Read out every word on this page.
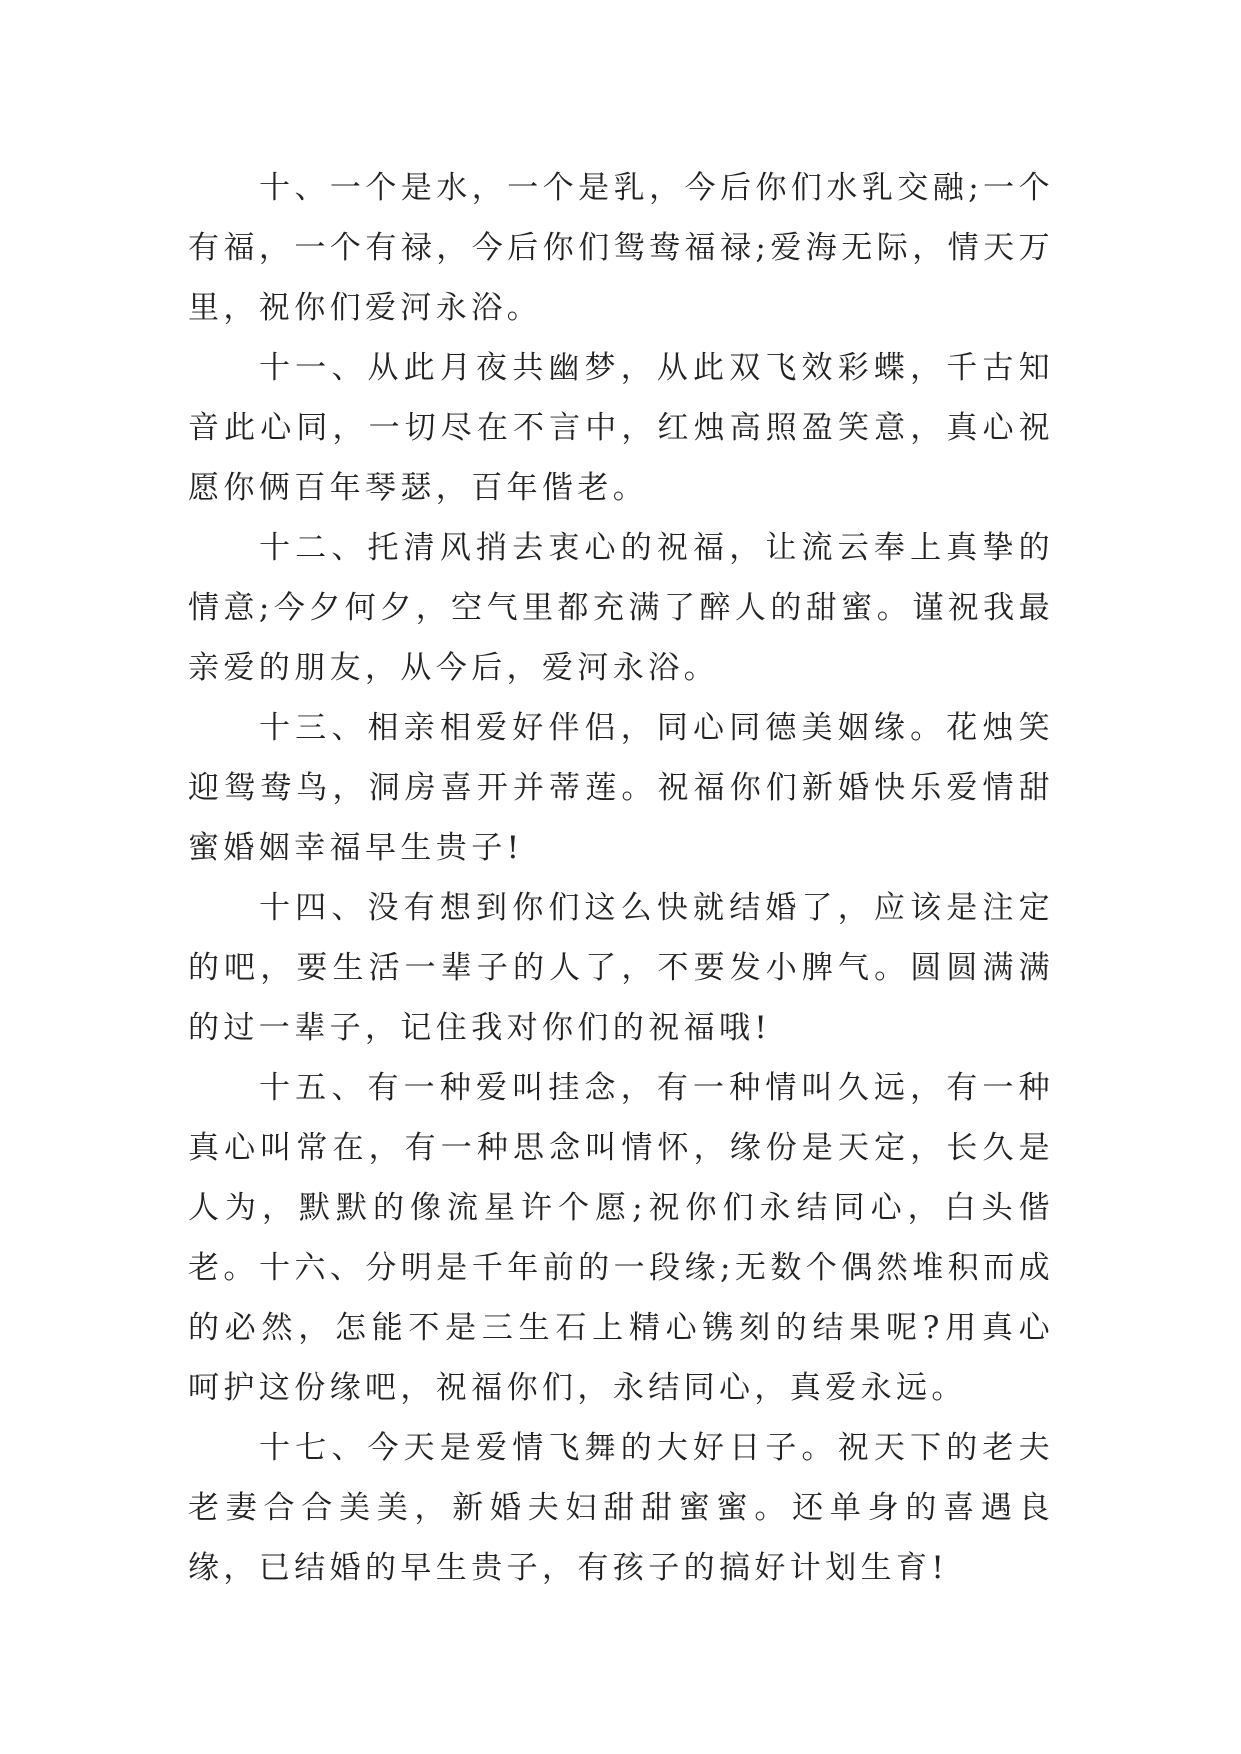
十、一个是水，一个是乳，今后你们水乳交融;一个有福，一个有禄，今后你们鸳鸯福禄;爱海无际，情天万里，祝你们爱河永浴。

十一、从此月夜共幽梦，从此双飞效彩蝶，千古知音此心同，一切尽在不言中，红烛高照盈笑意，真心祝愿你俩百年琴瑟，百年偕老。

十二、托清风捎去衷心的祝福，让流云奉上真挚的情意;今夕何夕，空气里都充满了醉人的甜蜜。谨祝我最亲爱的朋友，从今后，爱河永浴。

十三、相亲相爱好伴侣，同心同德美姻缘。花烛笑迎鸳鸯鸟，洞房喜开并蒂莲。祝福你们新婚快乐爱情甜蜜婚姻幸福早生贵子!

十四、没有想到你们这么快就结婚了，应该是注定的吧，要生活一辈子的人了，不要发小脾气。圆圆满满的过一辈子，记住我对你们的祝福哦!

十五、有一种爱叫挂念，有一种情叫久远，有一种真心叫常在，有一种思念叫情怀，缘份是天定，长久是人为，默默的像流星许个愿;祝你们永结同心，白头偕老。 十六、分明是千年前的一段缘;无数个偶然堆积而成的必然，怎能不是三生石上精心镌刻的结果呢?用真心呵护这份缘吧，祝福你们，永结同心，真爱永远。

十七、今天是爱情飞舞的大好日子。祝天下的老夫老妻合合美美，新婚夫妇甜甜蜜蜜。还单身的喜遇良缘，已结婚的早生贵子，有孩子的搞好计划生育!
